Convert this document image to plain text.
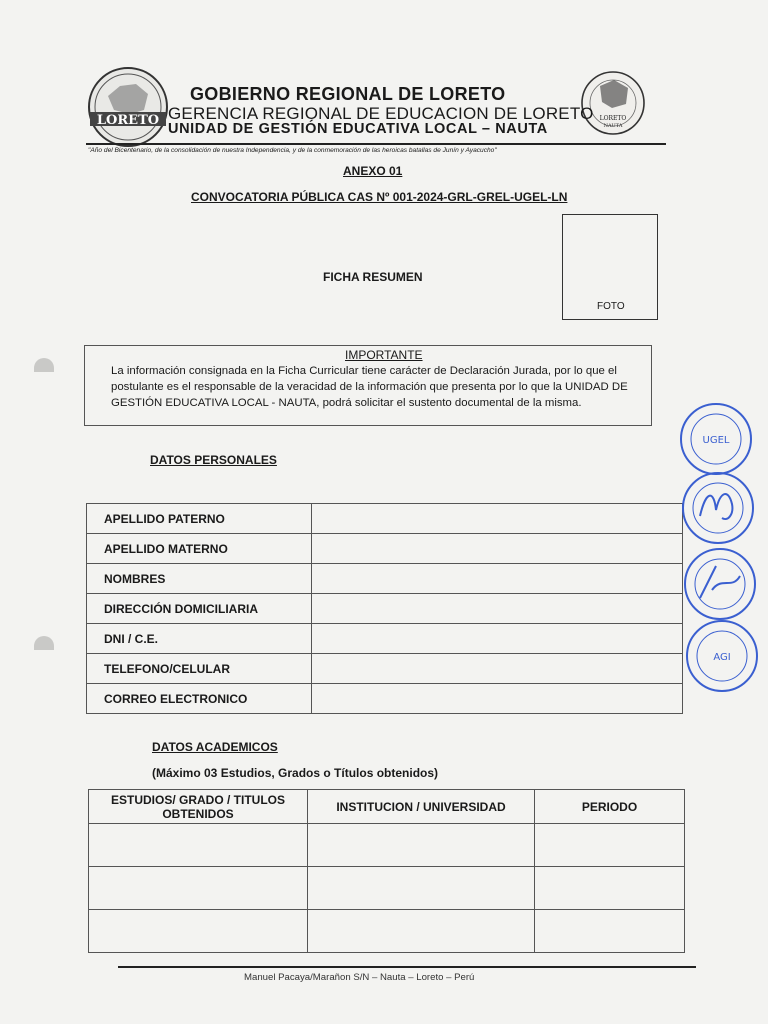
LORETO	LORETO
NAUTA
GOBIERNO REGIONAL DE LORETO
GERENCIA REGIONAL DE EDUCACION DE LORETO
UNIDAD DE GESTIÓN EDUCATIVA LOCAL – NAUTA
"Año del Bicentenario, de la consolidación de nuestra Independencia, y de la conmemoración de las heroicas batallas de Junín y Ayacucho"
ANEXO 01
CONVOCATORIA PÚBLICA CAS Nº 001-2024-GRL-GREL-UGEL-LN
FICHA RESUMEN
FOTO
IMPORTANTE
La información consignada en la Ficha Curricular tiene carácter de Declaración Jurada, por lo que el postulante es el responsable de la veracidad de la información que presenta por lo que la UNIDAD DE GESTIÓN EDUCATIVA LOCAL - NAUTA, podrá solicitar el sustento documental de la misma.
DATOS PERSONALES
APELLIDO PATERNO	
APELLIDO MATERNO	
NOMBRES	
DIRECCIÓN DOMICILIARIA	
DNI / C.E.	
TELEFONO/CELULAR	
CORREO ELECTRONICO	
DATOS ACADEMICOS
(Máximo 03 Estudios, Grados o Títulos obtenidos)
ESTUDIOS/ GRADO / TITULOS OBTENIDOS	INSTITUCION / UNIVERSIDAD	PERIODO

Manuel Pacaya/Marañon S/N – Nauta – Loreto – Perú
UGEL
AGI
